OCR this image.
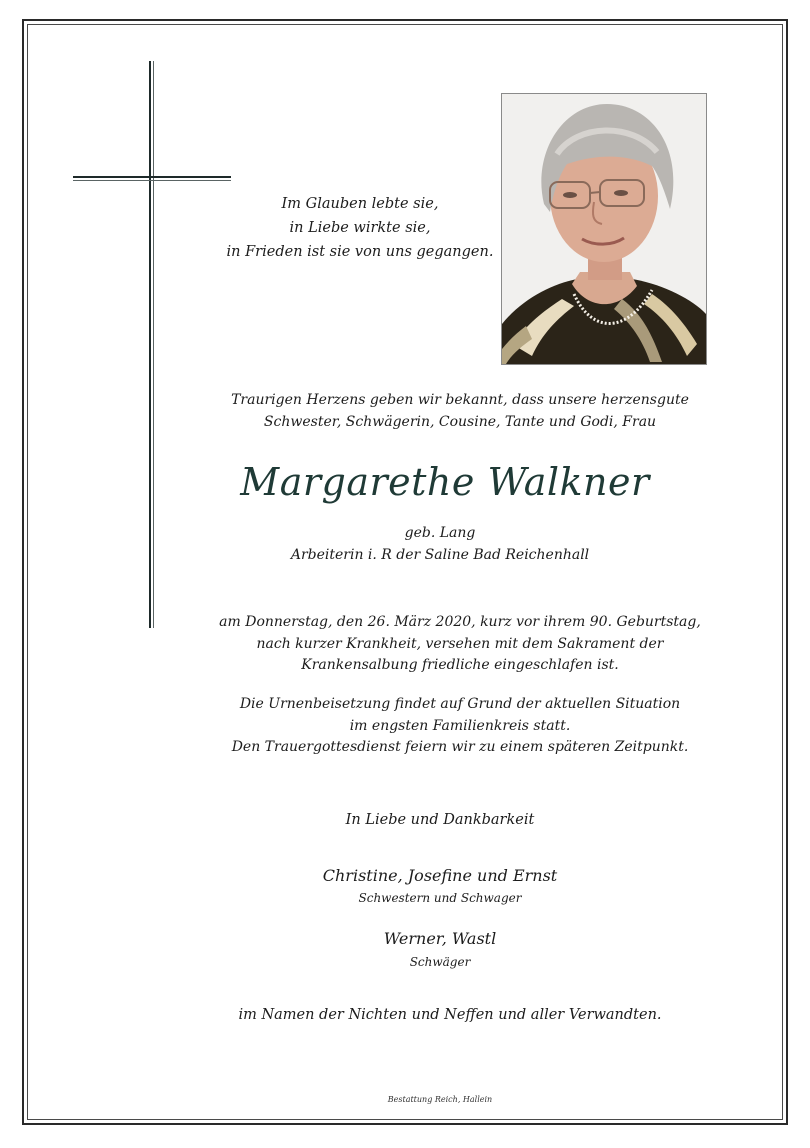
Im Glauben lebte sie,
in Liebe wirkte sie,
in Frieden ist sie von uns gegangen.
Traurigen Herzens geben wir bekannt, dass unsere herzensgute
Schwester, Schwägerin, Cousine, Tante und Godi, Frau
Margarethe Walkner
geb. Lang
Arbeiterin i. R der Saline Bad Reichenhall
am Donnerstag, den 26. März 2020, kurz vor ihrem 90. Geburtstag,
nach kurzer Krankheit, versehen mit dem Sakrament der
Krankensalbung friedliche eingeschlafen ist.
Die Urnenbeisetzung findet auf Grund der aktuellen Situation
im engsten Familienkreis statt.
Den Trauergottesdienst feiern wir zu einem späteren Zeitpunkt.
In Liebe und Dankbarkeit
Christine, Josefine und Ernst
Schwestern und Schwager
Werner, Wastl
Schwäger
im Namen der Nichten und Neffen und aller Verwandten.
Bestattung Reich, Hallein
